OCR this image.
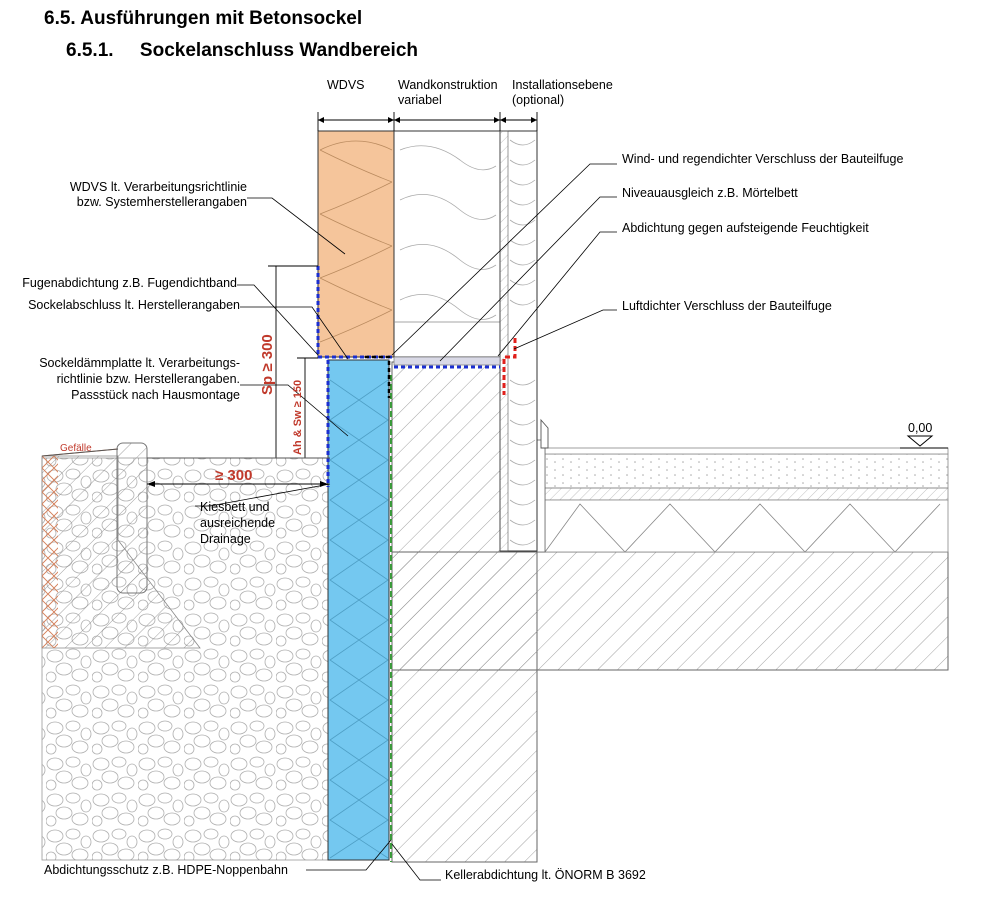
6.5. Ausführungen mit Betonsockel
6.5.1.     Sockelanschluss Wandbereich
Sp ≥ 300
Ah & Sw ≥ 150
≥ 300
WDVS	Wandkonstruktion
variabel
Installationsebene
(optional)
WDVS lt. Verarbeitungsrichtlinie
bzw. Systemherstellerangaben
Fugenabdichtung z.B. Fugendichtband
Sockelabschluss lt. Herstellerangaben
Sockeldämmplatte lt. Verarbeitungs-
richtlinie bzw. Herstellerangaben.
Passstück nach Hausmontage
Kiesbett und
ausreichende
Drainage
Abdichtungsschutz z.B. HDPE-Noppenbahn
Gefälle
Wind- und regendichter Verschluss der Bauteilfuge
Niveauausgleich z.B. Mörtelbett
Abdichtung gegen aufsteigende Feuchtigkeit
Luftdichter Verschluss der Bauteilfuge
Kellerabdichtung lt. ÖNORM B 3692
0,00
